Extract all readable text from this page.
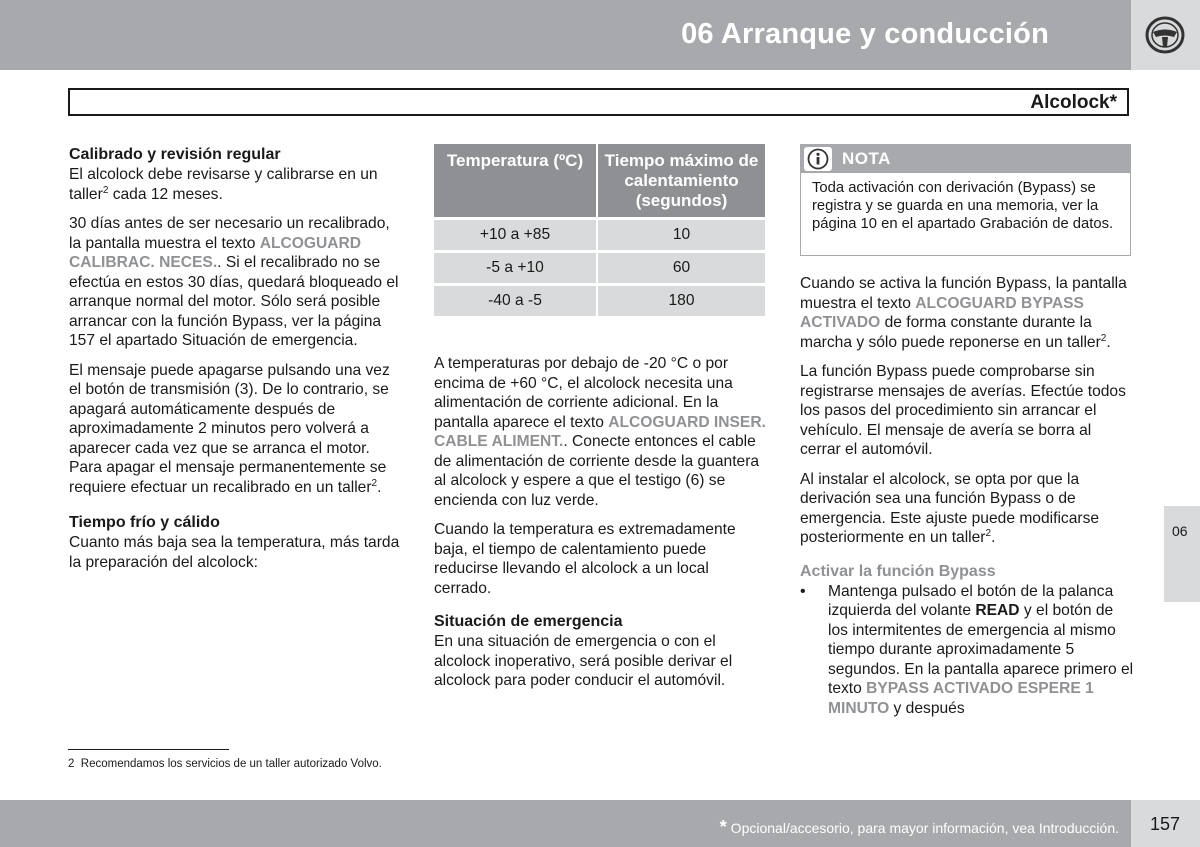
06 Arranque y conducción
Alcolock*
Calibrado y revisión regular

El alcolock debe revisarse y calibrarse en un taller$^2$ cada 12 meses.

30 días antes de ser necesario un recalibrado, la pantalla muestra el texto ALCOGUARD CALIBRAC. NECES.. Si el recalibrado no se efectúa en estos 30 días, quedará bloqueado el arranque normal del motor. Sólo será posible arrancar con la función Bypass, ver la página 157 el apartado Situación de emergencia.

El mensaje puede apagarse pulsando una vez el botón de transmisión (3). De lo contrario, se apagará automáticamente después de aproximadamente 2 minutos pero volverá a aparecer cada vez que se arranca el motor. Para apagar el mensaje permanentemente se requiere efectuar un recalibrado en un taller$^2$.

Tiempo frío y cálido

Cuanto más baja sea la temperatura, más tarda la preparación del alcolock:

Temperatura (ºC)	Tiempo máximo de calentamiento (segundos)
+10 a +85	10
-5 a +10	60
-40 a -5	180

A temperaturas por debajo de -20 °C o por encima de +60 °C, el alcolock necesita una alimentación de corriente adicional. En la pantalla aparece el texto ALCOGUARD INSER. CABLE ALIMENT.. Conecte entonces el cable de alimentación de corriente desde la guantera al alcolock y espere a que el testigo (6) se encienda con luz verde.

Cuando la temperatura es extremadamente baja, el tiempo de calentamiento puede reducirse llevando el alcolock a un local cerrado.

Situación de emergencia

En una situación de emergencia o con el alcolock inoperativo, será posible derivar el alcolock para poder conducir el automóvil.

NOTA
Toda activación con derivación (Bypass) se registra y se guarda en una memoria, ver la página 10 en el apartado Grabación de datos.

Cuando se activa la función Bypass, la pantalla muestra el texto ALCOGUARD BYPASS ACTIVADO de forma constante durante la marcha y sólo puede reponerse en un taller$^2$.

La función Bypass puede comprobarse sin registrarse mensajes de averías. Efectúe todos los pasos del procedimiento sin arrancar el vehículo. El mensaje de avería se borra al cerrar el automóvil.

Al instalar el alcolock, se opta por que la derivación sea una función Bypass o de emergencia. Este ajuste puede modificarse posteriormente en un taller$^2$.

Activar la función Bypass
• Mantenga pulsado el botón de la palanca izquierda del volante READ y el botón de los intermitentes de emergencia al mismo tiempo durante aproximadamente 5 segundos. En la pantalla aparece primero el texto BYPASS ACTIVADO ESPERE 1 MINUTO y después
06
2 Recomendamos los servicios de un taller autorizado Volvo.
* Opcional/accesorio, para mayor información, vea Introducción. 157
